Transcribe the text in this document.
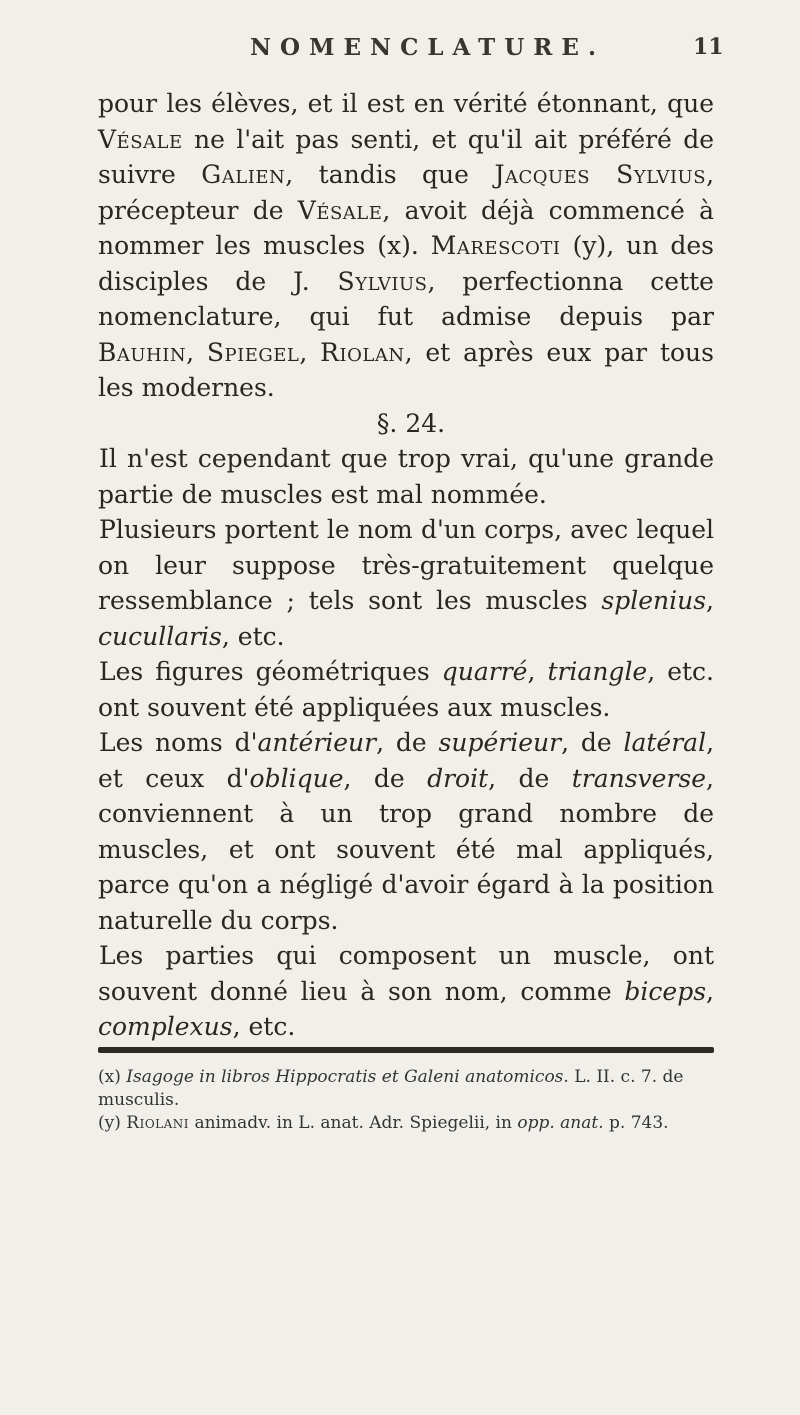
NOMENCLATURE.	11

pour les élèves, et il est en vérité étonnant, que Vésale ne l'ait pas senti, et qu'il ait préféré de suivre Galien, tandis que Jacques Sylvius, précepteur de Vésale, avoit déjà commencé à nommer les muscles (x). Marescoti (y), un des disciples de J. Sylvius, perfectionna cette nomenclature, qui fut admise depuis par Bauhin, Spiegel, Riolan, et après eux par tous les modernes.

§. 24.

Il n'est cependant que trop vrai, qu'une grande partie de muscles est mal nommée.

Plusieurs portent le nom d'un corps, avec lequel on leur suppose très-gratuitement quelque ressemblance ; tels sont les muscles splenius, cucullaris, etc.

Les figures géométriques quarré, triangle, etc. ont souvent été appliquées aux muscles.

Les noms d'antérieur, de supérieur, de latéral, et ceux d'oblique, de droit, de transverse, conviennent à un trop grand nombre de muscles, et ont souvent été mal appliqués, parce qu'on a négligé d'avoir égard à la position naturelle du corps.

Les parties qui composent un muscle, ont souvent donné lieu à son nom, comme biceps, complexus, etc.

(x) Isagoge in libros Hippocratis et Galeni anatomicos. L. II. c. 7. de musculis.

(y) Riolani animadv. in L. anat. Adr. Spiegelii, in opp. anat. p. 743.
